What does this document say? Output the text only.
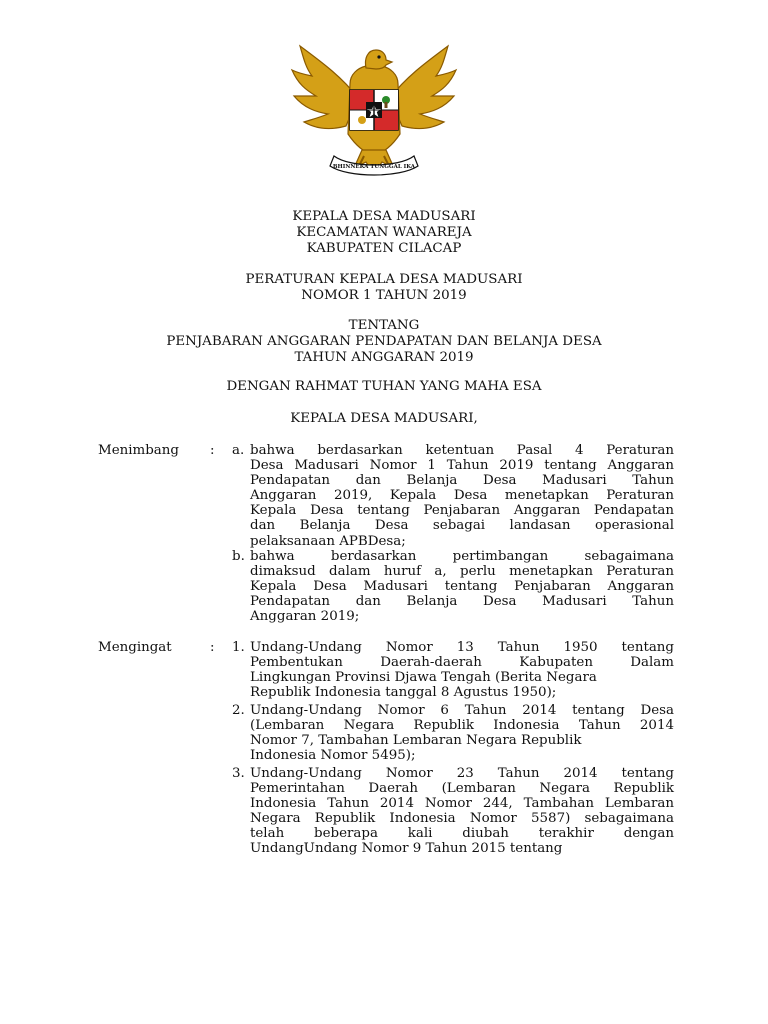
BHINNEKA TUNGGAL IKA
KEPALA DESA MADUSARI
KECAMATAN WANAREJA
KABUPATEN CILACAP
PERATURAN KEPALA DESA MADUSARI
NOMOR 1 TAHUN 2019
TENTANG
PENJABARAN ANGGARAN PENDAPATAN DAN BELANJA DESA
TAHUN ANGGARAN 2019
DENGAN RAHMAT TUHAN YANG MAHA ESA
KEPALA DESA MADUSARI,
Menimbang : a. bahwa berdasarkan ketentuan Pasal 4 Peraturan
Desa Madusari Nomor 1 Tahun 2019 tentang Anggaran
Pendapatan dan Belanja Desa Madusari Tahun
Anggaran 2019, Kepala Desa menetapkan Peraturan
Kepala Desa tentang Penjabaran Anggaran Pendapatan
dan Belanja Desa sebagai landasan operasional
pelaksanaan APBDesa;
b. bahwa berdasarkan pertimbangan sebagaimana
dimaksud dalam huruf a, perlu menetapkan Peraturan
Kepala Desa Madusari tentang Penjabaran Anggaran
Pendapatan dan Belanja Desa Madusari Tahun
Anggaran 2019;
Mengingat	: 1. Undang-Undang Nomor 13 Tahun 1950 tentang
Pembentukan Daerah-daerah Kabupaten Dalam
Lingkungan Provinsi Djawa Tengah (Berita Negara
Republik Indonesia tanggal 8 Agustus 1950);
2. Undang-Undang Nomor 6 Tahun 2014 tentang Desa
(Lembaran Negara Republik Indonesia Tahun 2014
Nomor 7, Tambahan Lembaran Negara Republik
Indonesia Nomor 5495);
3. Undang-Undang Nomor 23 Tahun 2014 tentang
Pemerintahan Daerah (Lembaran Negara Republik
Indonesia Tahun 2014 Nomor 244, Tambahan Lembaran
Negara Republik Indonesia Nomor 5587) sebagaimana
telah beberapa kali diubah terakhir dengan
UndangUndang Nomor 9 Tahun 2015 tentang
